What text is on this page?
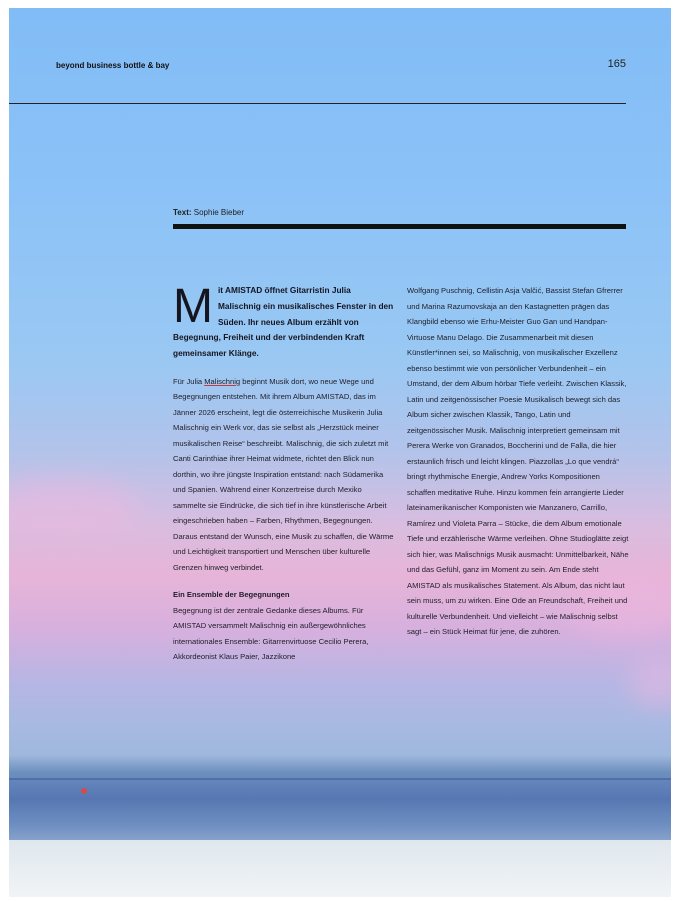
beyond business bottle & bay	165
Text: Sophie Bieber

Mit AMISTAD öffnet Gitarristin Julia Malischnig ein musikalisches Fenster in den Süden. Ihr neues Album erzählt von Begegnung, Freiheit und der verbindenden Kraft gemeinsamer Klänge.

Für Julia Malischnig beginnt Musik dort, wo neue Wege und Begegnungen entstehen. Mit ihrem Album AMISTAD, das im Jänner 2026 erscheint, legt die österreichische Musikerin Julia Malischnig ein Werk vor, das sie selbst als „Herzstück meiner musikalischen Reise“ beschreibt. Malischnig, die sich zuletzt mit Canti Carinthiae ihrer Heimat widmete, richtet den Blick nun dorthin, wo ihre jüngste Inspiration entstand: nach Südamerika und Spanien. Während einer Konzertreise durch Mexiko sammelte sie Eindrücke, die sich tief in ihre künstlerische Arbeit eingeschrieben haben – Farben, Rhythmen, Begegnungen. Daraus entstand der Wunsch, eine Musik zu schaffen, die Wärme und Leichtigkeit transportiert und Menschen über kulturelle Grenzen hinweg verbindet.

Ein Ensemble der Begegnungen

Begegnung ist der zentrale Gedanke dieses Albums. Für AMISTAD versammelt Malischnig ein außergewöhnliches internationales Ensemble: Gitarrenvirtuose Cecilio Perera, Akkordeonist Klaus Paier, Jazzikone

Wolfgang Puschnig, Cellistin Asja Valčić, Bassist Stefan Gfrerrer und Marina Razumovskaja an den Kastagnetten prägen das Klangbild ebenso wie Erhu-Meister Guo Gan und Handpan-Virtuose Manu Delago. Die Zusammenarbeit mit diesen Künstler*innen sei, so Malischnig, von musikalischer Exzellenz ebenso bestimmt wie von persönlicher Verbundenheit – ein Umstand, der dem Album hörbar Tiefe verleiht. Zwischen Klassik, Latin und zeitgenössischer Poesie Musikalisch bewegt sich das Album sicher zwischen Klassik, Tango, Latin und zeitgenössischer Musik. Malischnig interpretiert gemeinsam mit Perera Werke von Granados, Boccherini und de Falla, die hier erstaunlich frisch und leicht klingen. Piazzollas „Lo que vendrá“ bringt rhythmische Energie, Andrew Yorks Kompositionen schaffen meditative Ruhe. Hinzu kommen fein arrangierte Lieder lateinamerikanischer Komponisten wie Manzanero, Carrillo, Ramírez und Violeta Parra – Stücke, die dem Album emotionale Tiefe und erzählerische Wärme verleihen. Ohne Studioglätte zeigt sich hier, was Malischnigs Musik ausmacht: Unmittelbarkeit, Nähe und das Gefühl, ganz im Moment zu sein. Am Ende steht AMISTAD als musikalisches Statement. Als Album, das nicht laut sein muss, um zu wirken. Eine Ode an Freundschaft, Freiheit und kulturelle Verbundenheit. Und vielleicht – wie Malischnig selbst sagt – ein Stück Heimat für jene, die zuhören.
